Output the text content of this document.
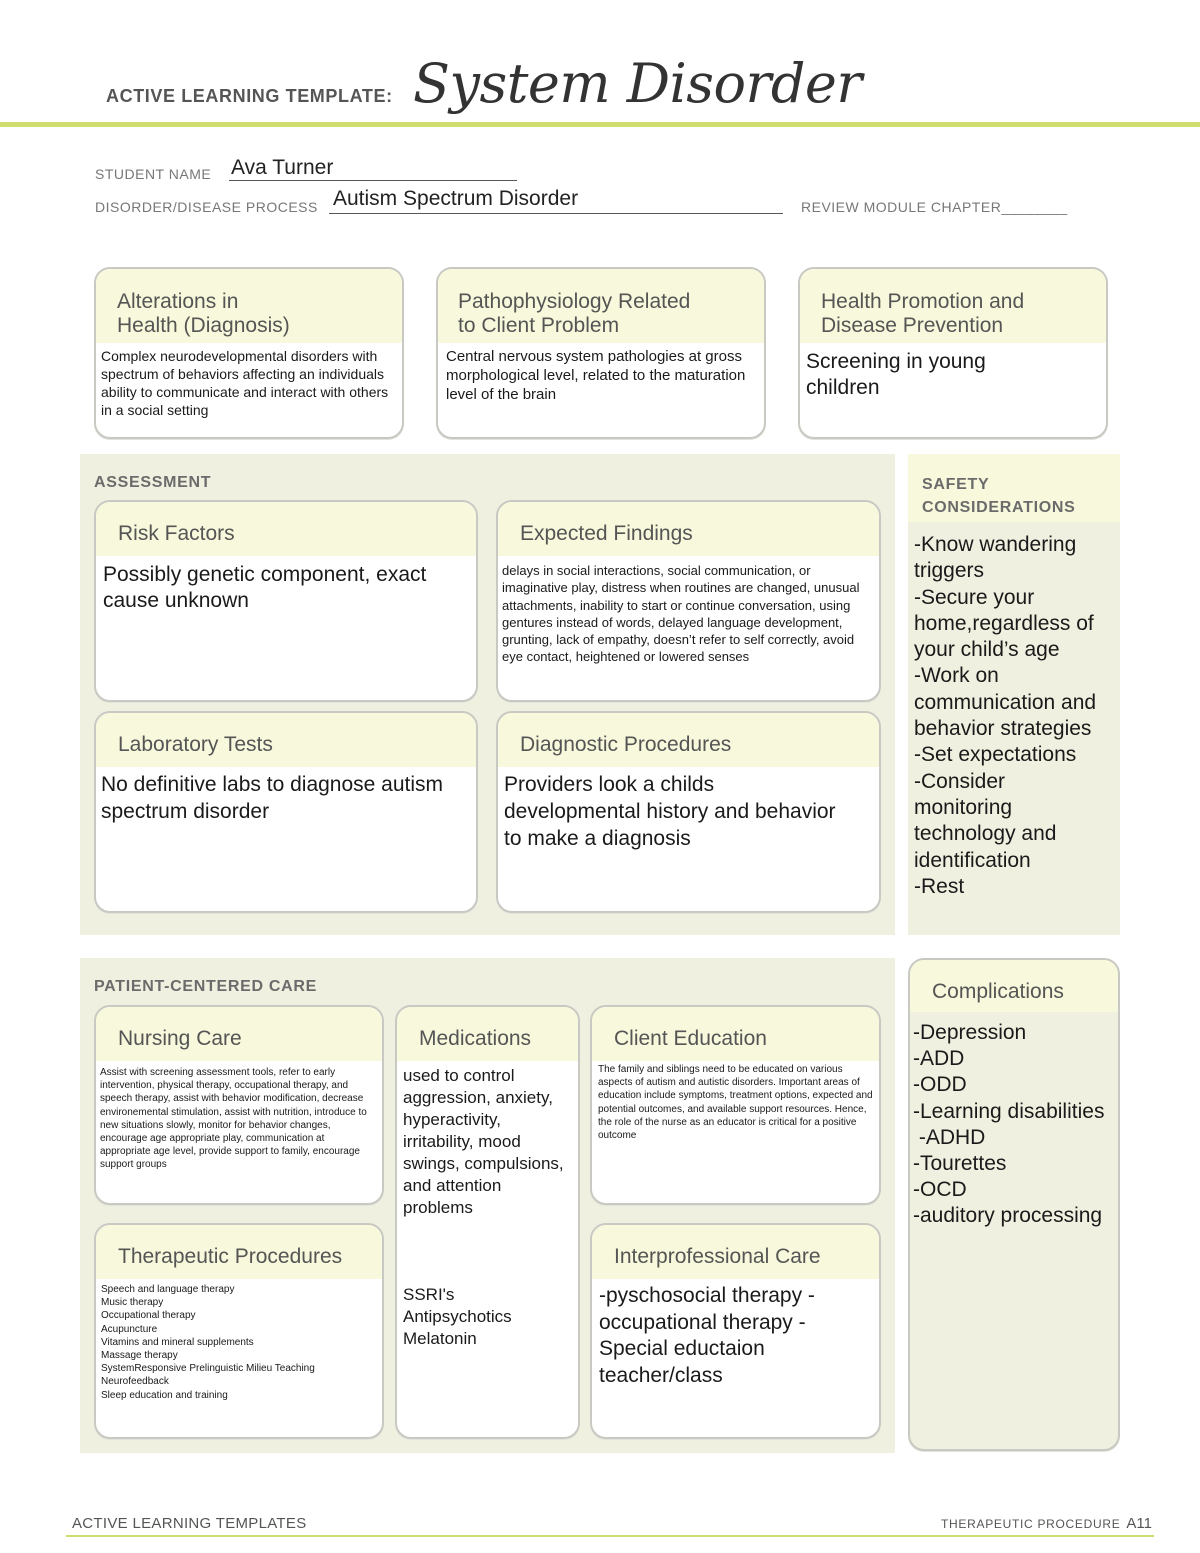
ACTIVE LEARNING TEMPLATE: System Disorder
STUDENT NAME Ava Turner
DISORDER/DISEASE PROCESS Autism Spectrum Disorder	REVIEW MODULE CHAPTER________
Alterations in
Health (Diagnosis)
Complex neurodevelopmental disorders with spectrum of behaviors affecting an individuals ability to communicate and interact with others in a social setting
Pathophysiology Related
to Client Problem
Central nervous system pathologies at gross morphological level, related to the maturation level of the brain
Health Promotion and
Disease Prevention
Screening in young children
ASSESSMENT
Risk Factors
Possibly genetic component, exact cause unknown
Expected Findings
delays in social interactions, social communication, or imaginative play, distress when routines are changed, unusual attachments, inability to start or continue conversation, using gentures instead of words, delayed language development, grunting, lack of empathy, doesn’t refer to self correctly, avoid eye contact, heightened or lowered senses
Laboratory Tests
No definitive labs to diagnose autism spectrum disorder
Diagnostic Procedures
Providers look a childs developmental history and behavior to make a diagnosis
SAFETY
CONSIDERATIONS
-Know wandering triggers
-Secure your home,regardless of your child’s age
-Work on communication and behavior strategies
-Set expectations
-Consider monitoring technology and identification
-Rest
PATIENT-CENTERED CARE
Nursing Care
Assist with screening assessment tools, refer to early intervention, physical therapy, occupational therapy, and speech therapy, assist with behavior modification, decrease environemental stimulation, assist with nutrition, introduce to new situations slowly, monitor for behavior changes, encourage age appropriate play, communication at appropriate age level, provide support to family, encourage support groups
Medications
used to control aggression, anxiety, hyperactivity, irritability, mood swings, compulsions, and attention problems
SSRI's
Antipsychotics
Melatonin
Client Education
The family and siblings need to be educated on various aspects of autism and autistic disorders. Important areas of education include symptoms, treatment options, expected and potential outcomes, and available support resources. Hence, the role of the nurse as an educator is critical for a positive outcome
Therapeutic Procedures
Speech and language therapy
Music therapy
Occupational therapy
Acupuncture
Vitamins and mineral supplements
Massage therapy
SystemResponsive Prelinguistic Milieu Teaching
Neurofeedback
Sleep education and training
Interprofessional Care
-pyschosocial therapy -occupational therapy -Special eductaion teacher/class
Complications
-Depression
-ADD
-ODD
-Learning disabilities
-ADHD
-Tourettes
-OCD
-auditory processing
ACTIVE LEARNING TEMPLATES	THERAPEUTIC PROCEDURE A11
